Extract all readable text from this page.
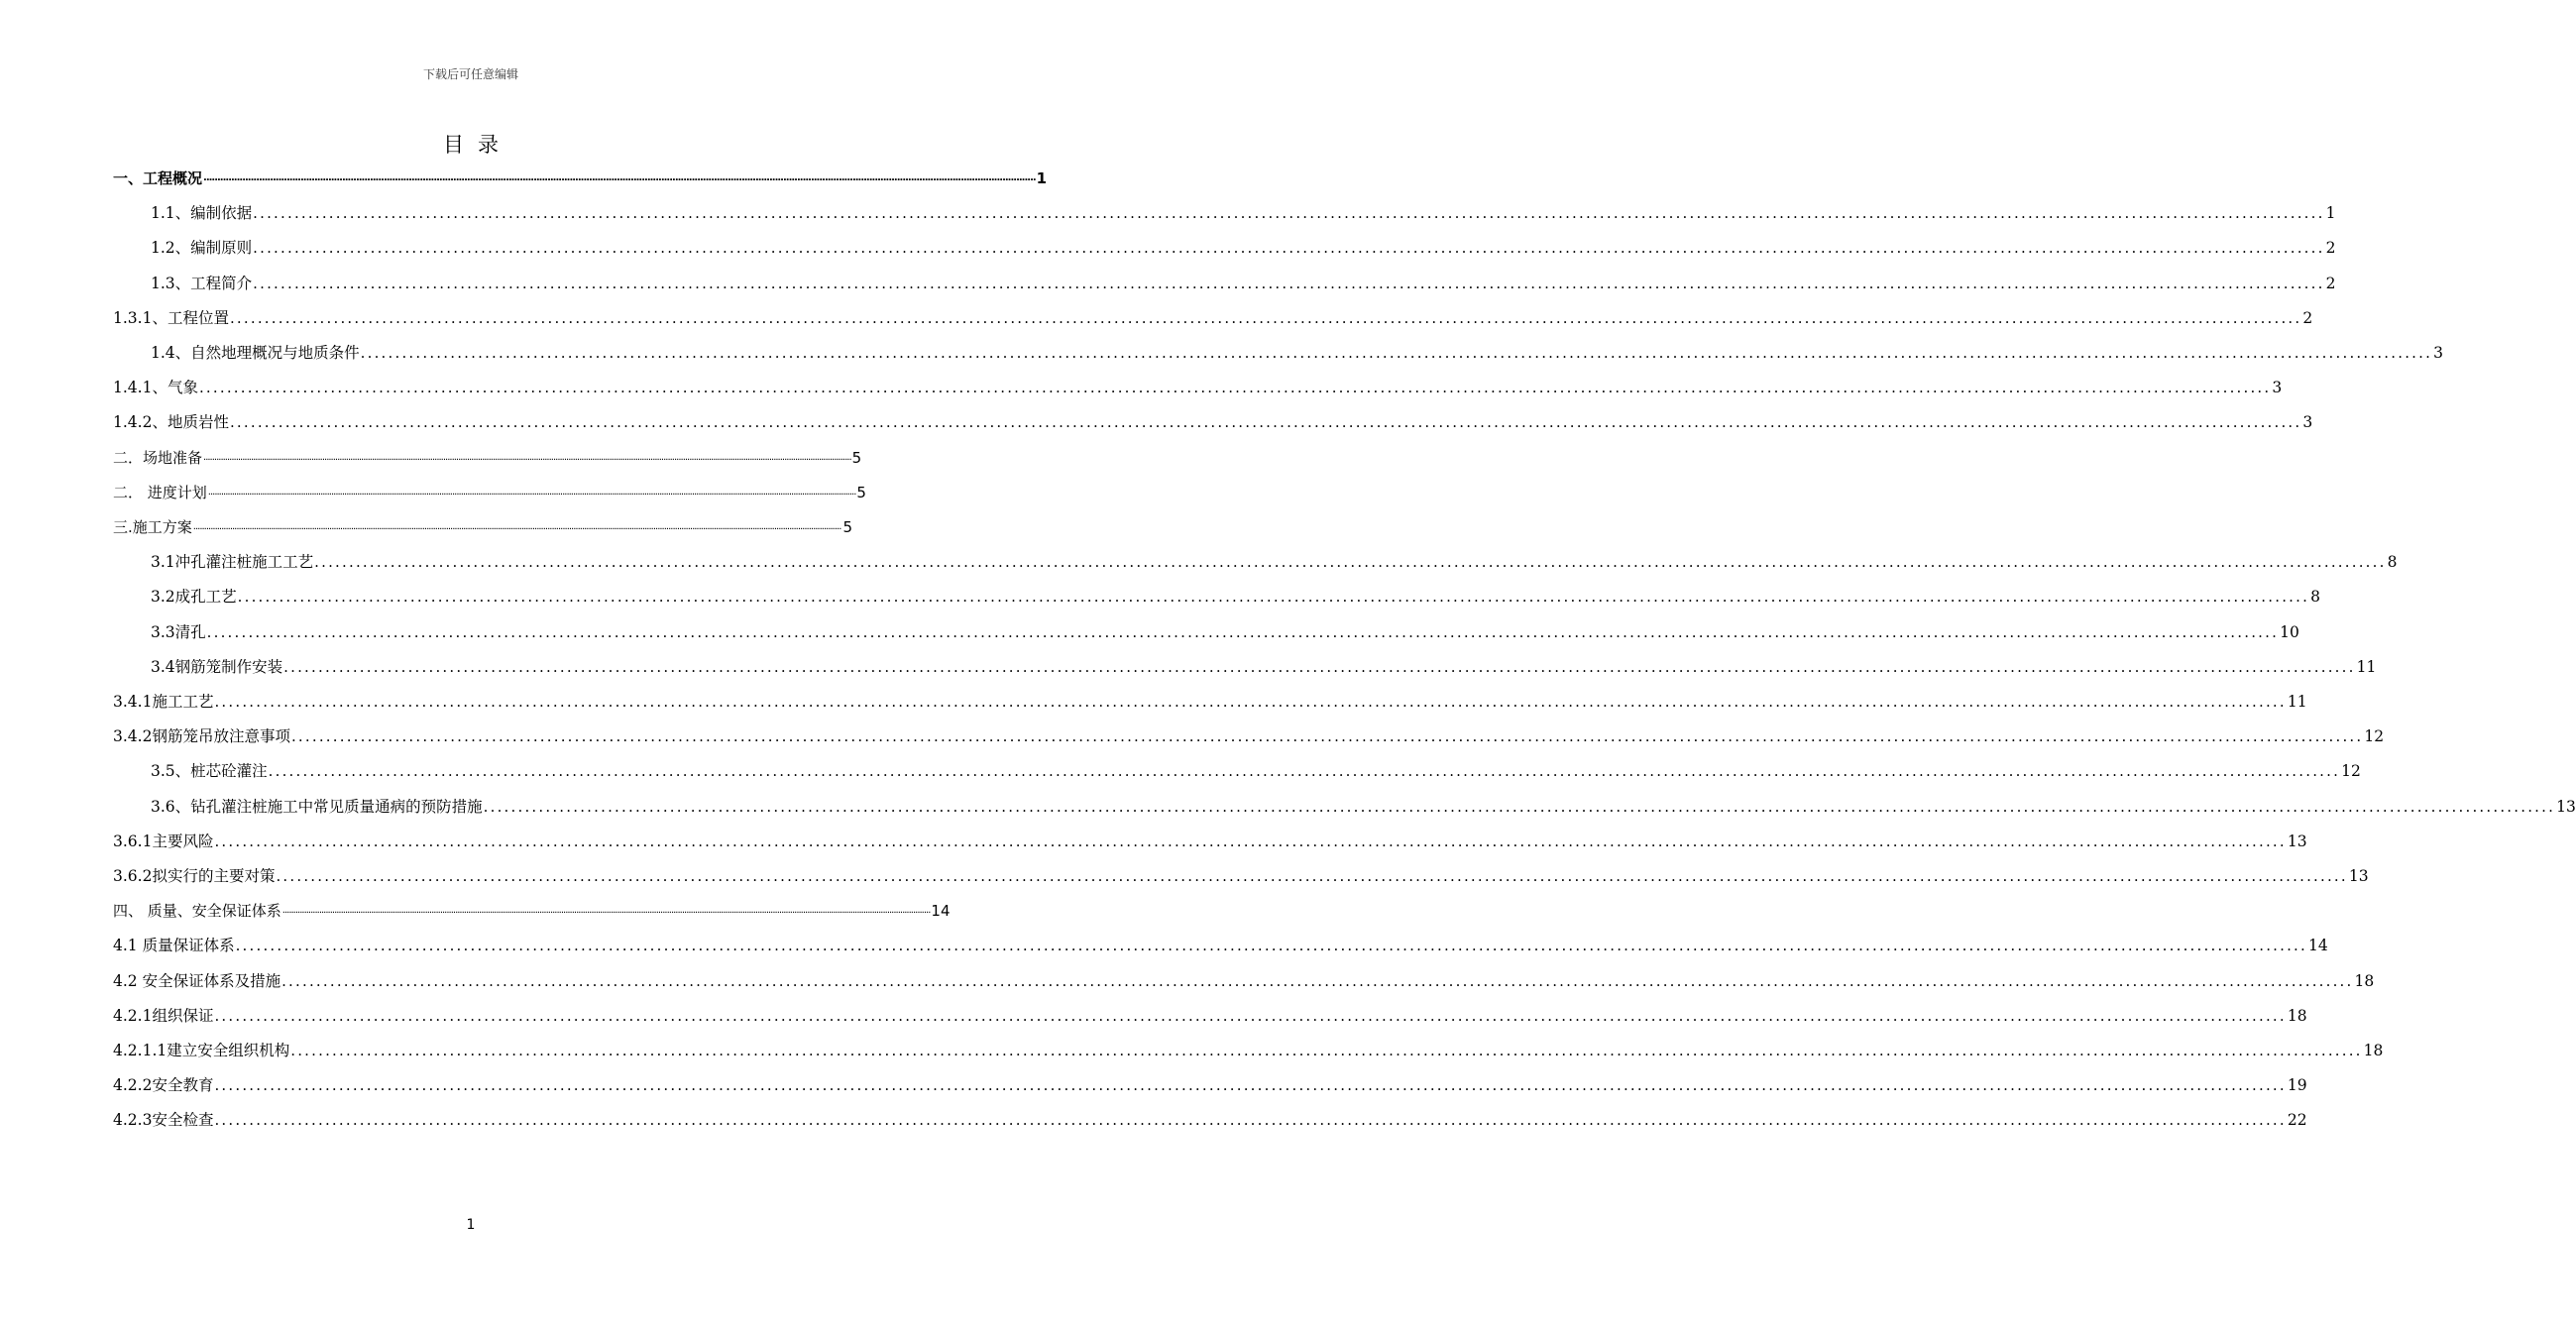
下载后可任意编辑
目录
一、工程概况 ............................................................................................................................................................................................................................................................................................................ 1
1.1、编制依据 ............................................................................................................................................................................................................................................................................................................ 1
1.2、编制原则 ............................................................................................................................................................................................................................................................................................................ 2
1.3、工程简介 ............................................................................................................................................................................................................................................................................................................ 2
1.3.1、工程位置 ............................................................................................................................................................................................................................................................................................................ 2
1.4、自然地理概况与地质条件 ............................................................................................................................................................................................................................................................................................................ 3
1.4.1、气象 ............................................................................................................................................................................................................................................................................................................ 3
1.4.2、地质岩性 ............................................................................................................................................................................................................................................................................................................ 3
二．场地准备 ............................................................................................................................................................................................................................................................................................................ 5
二． 进度计划 ............................................................................................................................................................................................................................................................................................................ 5
三.施工方案 ............................................................................................................................................................................................................................................................................................................ 5
3.1冲孔灌注桩施工工艺 ............................................................................................................................................................................................................................................................................................................ 8
3.2成孔工艺 ............................................................................................................................................................................................................................................................................................................ 8
3.3清孔 ............................................................................................................................................................................................................................................................................................................ 10
3.4钢筋笼制作安装 ............................................................................................................................................................................................................................................................................................................ 11
3.4.1施工工艺 ............................................................................................................................................................................................................................................................................................................ 11
3.4.2钢筋笼吊放注意事项 ............................................................................................................................................................................................................................................................................................................ 12
3.5、桩芯砼灌注 ............................................................................................................................................................................................................................................................................................................ 12
3.6、钻孔灌注桩施工中常见质量通病的预防措施 ............................................................................................................................................................................................................................................................................................................ 13
3.6.1主要风险 ............................................................................................................................................................................................................................................................................................................ 13
3.6.2拟实行的主要对策 ............................................................................................................................................................................................................................................................................................................ 13
四、 质量、安全保证体系 ............................................................................................................................................................................................................................................................................................................ 14
4.1 质量保证体系 ............................................................................................................................................................................................................................................................................................................ 14
4.2 安全保证体系及措施 ............................................................................................................................................................................................................................................................................................................ 18
4.2.1组织保证 ............................................................................................................................................................................................................................................................................................................ 18
4.2.1.1建立安全组织机构 ............................................................................................................................................................................................................................................................................................................ 18
4.2.2安全教育 ............................................................................................................................................................................................................................................................................................................ 19
4.2.3安全检查 ............................................................................................................................................................................................................................................................................................................ 22
1
